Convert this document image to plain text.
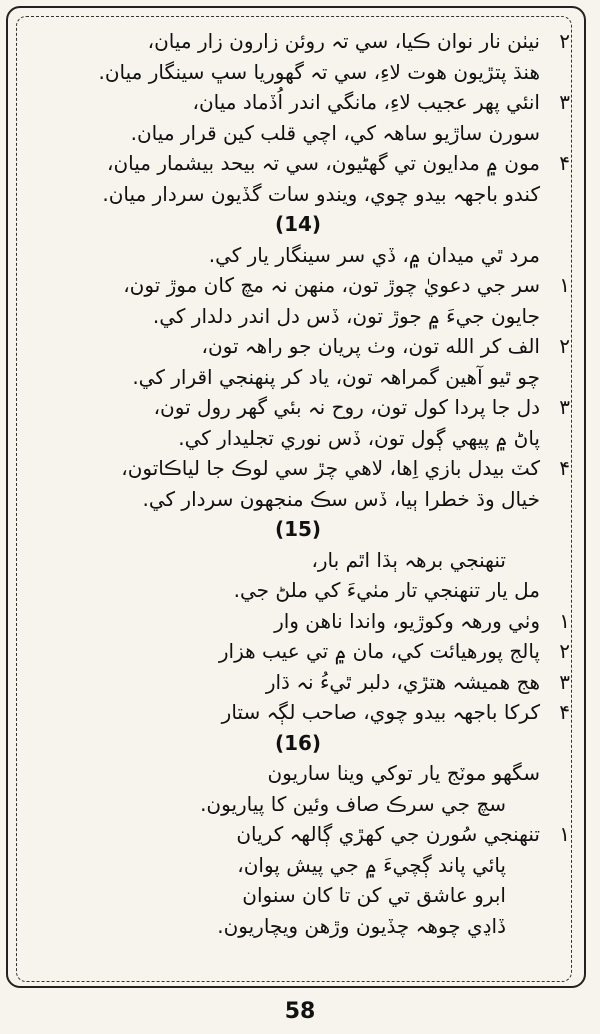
٢نيٺن نار نوان ڪيا، سي تہ روئن زارون زار ميان،
هنڌ پتڙيون هوت لاءِ، سي تہ گهوريا سڀ سينگار ميان.
٣انئي پهر عجيب لاءِ، مانگي اندر اُڏماد ميان،
سورن ساڙيو ساهہ کي، اچي قلب کين قرار ميان.
۴مون ۾ مدايون تي گهڻيون، سي تہ بيحد بيشمار ميان،
کندو باجهہ بيدو چوي، ويندو سات گڏيون سردار ميان.
(14)
مرد ٿي ميدان ۾، ڏي سر سينگار يار کي.
١سر جي دعويٰ چوڙ تون، منهن نہ مچ کان موڙ تون،
جايون جيءَ ۾ جوڙ تون، ڏس دل اندر دلدار کي.
٢الف کر الله تون، وٺ پريان جو راهہ تون،
چو ٿيو آهين گمراهہ تون، ياد کر پنهنجي اقرار کي.
٣دل جا پردا کول تون، روح نہ بئي گهر رول تون،
پاڻ ۾ پيهي ڳول تون، ڏس نوري تجليدار کي.
۴کٽ بيدل بازي اِها، لاهي چڙ سي لوڪ جا لياڪاتون،
خيال وڌ خطرا ٻيا، ڏس سڪ منجهون سردار کي.
(15)
تنهنجي برهہ ٻڌا اٿم بار،
مل يار تنهنجي تار مٺيءَ کي ملڻ جي.
١وٺي ورهہ وکوڙيو، واندا ناهن وار
٢پالج پورهيائت کي، مان ۾ تي عيب هزار
٣هج هميشہ هتڙي، دلبر ٿيءُ نہ ڌار
۴کرکا باجهہ بيدو چوي، صاحب لڳہ ستار
(16)
سگهو موٽج يار توکي وينا ساريون
سچ جي سرڪ صاف وئين کا پياريون.
١تنهنجي سُورن جي کهڙي ڳالهہ کريان
پائي پاند ڳچيءَ ۾ جي پيش پوان،
ابرو عاشق تي کن تا کان سنوان
ڏاڍي چوهہ چڏيون وڙهن ويچاريون.
58
